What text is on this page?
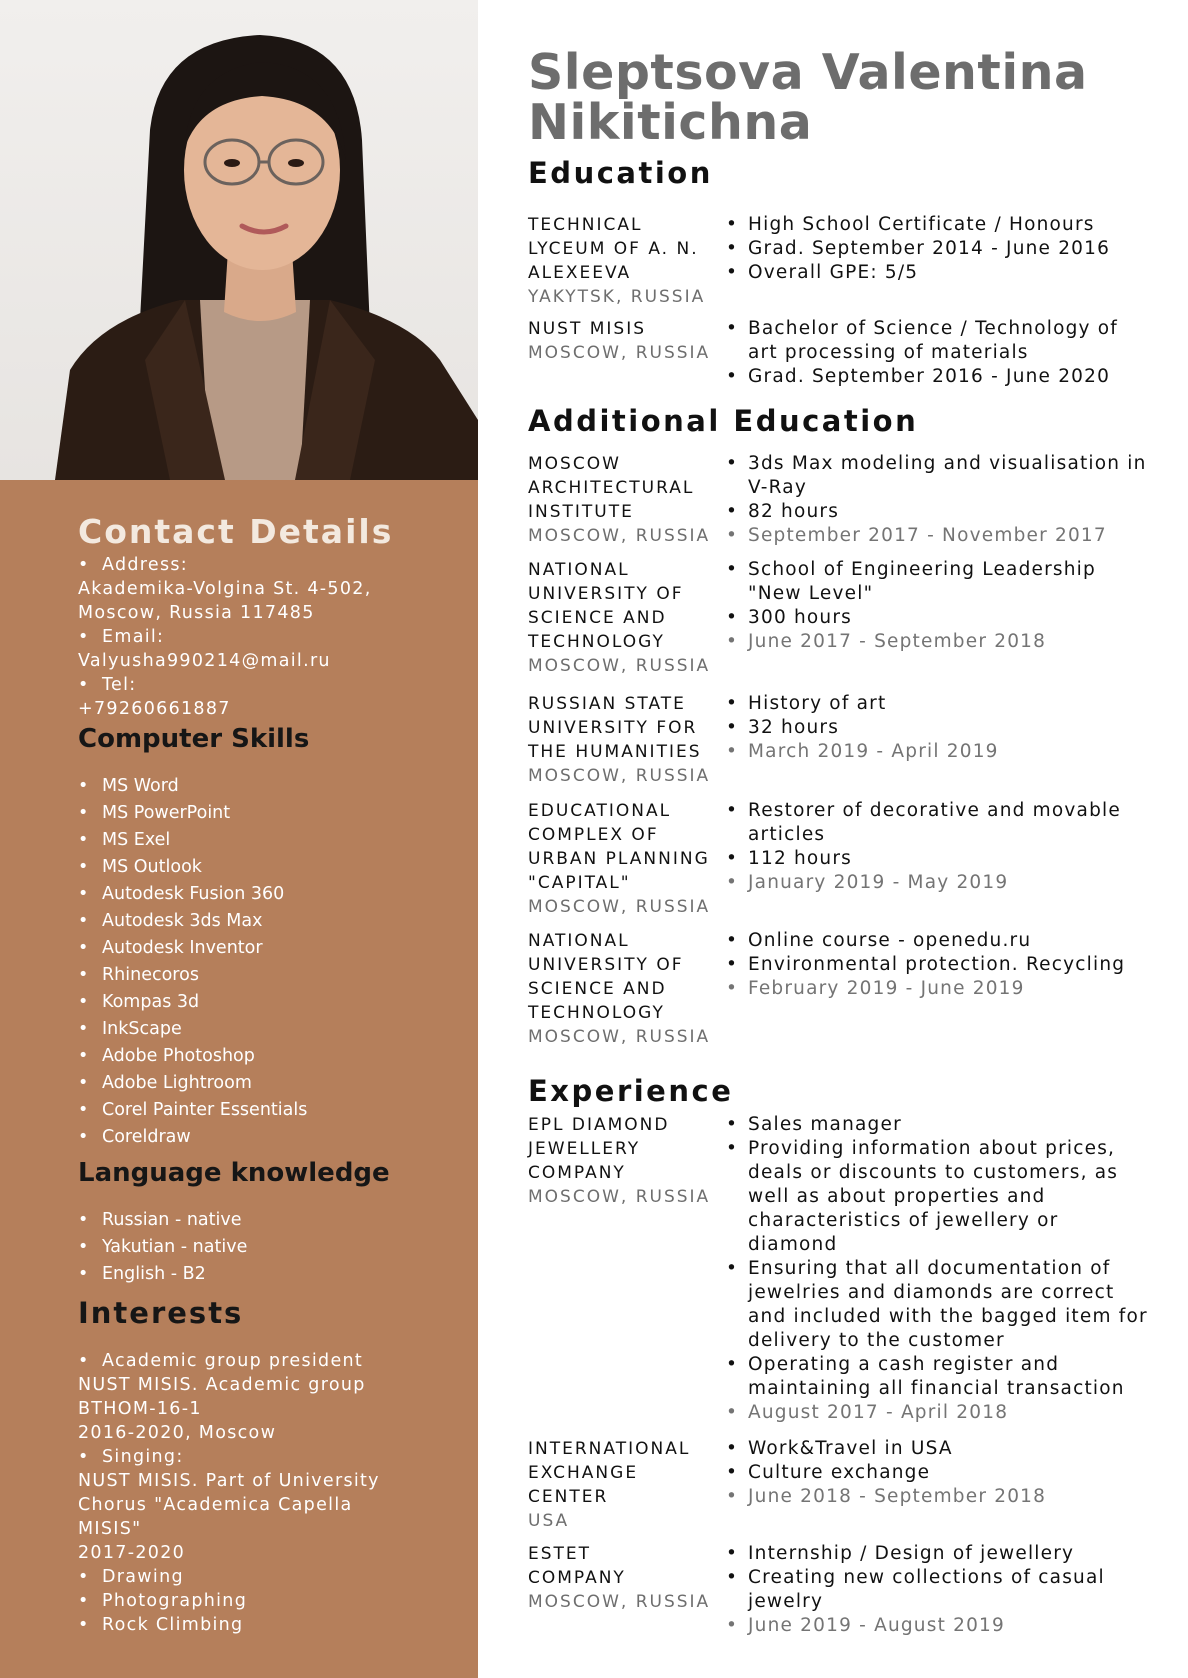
Contact Details
• Address:
Akademika-Volgina St. 4-502,
Moscow, Russia 117485
• Email:
Valyusha990214@mail.ru
• Tel:
+79260661887
Computer Skills
• MS Word
• MS PowerPoint
• MS Exel
• MS Outlook
• Autodesk Fusion 360
• Autodesk 3ds Max
• Autodesk Inventor
• Rhinecoros
• Kompas 3d
• InkScape
• Adobe Photoshop
• Adobe Lightroom
• Corel Painter Essentials
• Coreldraw
Language knowledge
• Russian - native
• Yakutian - native
• English - B2
Interests
• Academic group president
NUST MISIS. Academic group
BTHOM-16-1
2016-2020, Moscow
• Singing:
NUST MISIS. Part of University
Chorus "Academica Capella
MISIS"
2017-2020
• Drawing
• Photographing
• Rock Climbing
Sleptsova Valentina
Nikitichna
Education
TECHNICAL
LYCEUM OF A. N.
ALEXEEVA
YAKYTSK, RUSSIA
• High School Certificate / Honours
• Grad. September 2014 - June 2016
• Overall GPE: 5/5
NUST MISIS
MOSCOW, RUSSIA
• Bachelor of Science / Technology of art processing of materials
• Grad. September 2016 - June 2020
Additional Education
MOSCOW
ARCHITECTURAL
INSTITUTE
MOSCOW, RUSSIA
• 3ds Max modeling and visualisation in V-Ray
• 82 hours
• September 2017 - November 2017
NATIONAL
UNIVERSITY OF
SCIENCE AND
TECHNOLOGY
MOSCOW, RUSSIA
• School of Engineering Leadership "New Level"
• 300 hours
• June 2017 - September 2018
RUSSIAN STATE
UNIVERSITY FOR
THE HUMANITIES
MOSCOW, RUSSIA
• History of art
• 32 hours
• March 2019 - April 2019
EDUCATIONAL
COMPLEX OF
URBAN PLANNING
"CAPITAL"
MOSCOW, RUSSIA
• Restorer of decorative and movable articles
• 112 hours
• January 2019 - May 2019
NATIONAL
UNIVERSITY OF
SCIENCE AND
TECHNOLOGY
MOSCOW, RUSSIA
• Online course - openedu.ru
• Environmental protection. Recycling
• February 2019 - June 2019
Experience
EPL DIAMOND
JEWELLERY
COMPANY
MOSCOW, RUSSIA
• Sales manager
• Providing information about prices, deals or discounts to customers, as well as about properties and characteristics of jewellery or diamond
• Ensuring that all documentation of jewelries and diamonds are correct and included with the bagged item for delivery to the customer
• Operating a cash register and maintaining all financial transaction
• August 2017 - April 2018
INTERNATIONAL
EXCHANGE
CENTER
USA
• Work&Travel in USA
• Culture exchange
• June 2018 - September 2018
ESTET
COMPANY
MOSCOW, RUSSIA
• Internship / Design of jewellery
• Creating new collections of casual jewelry
• June 2019 - August 2019
